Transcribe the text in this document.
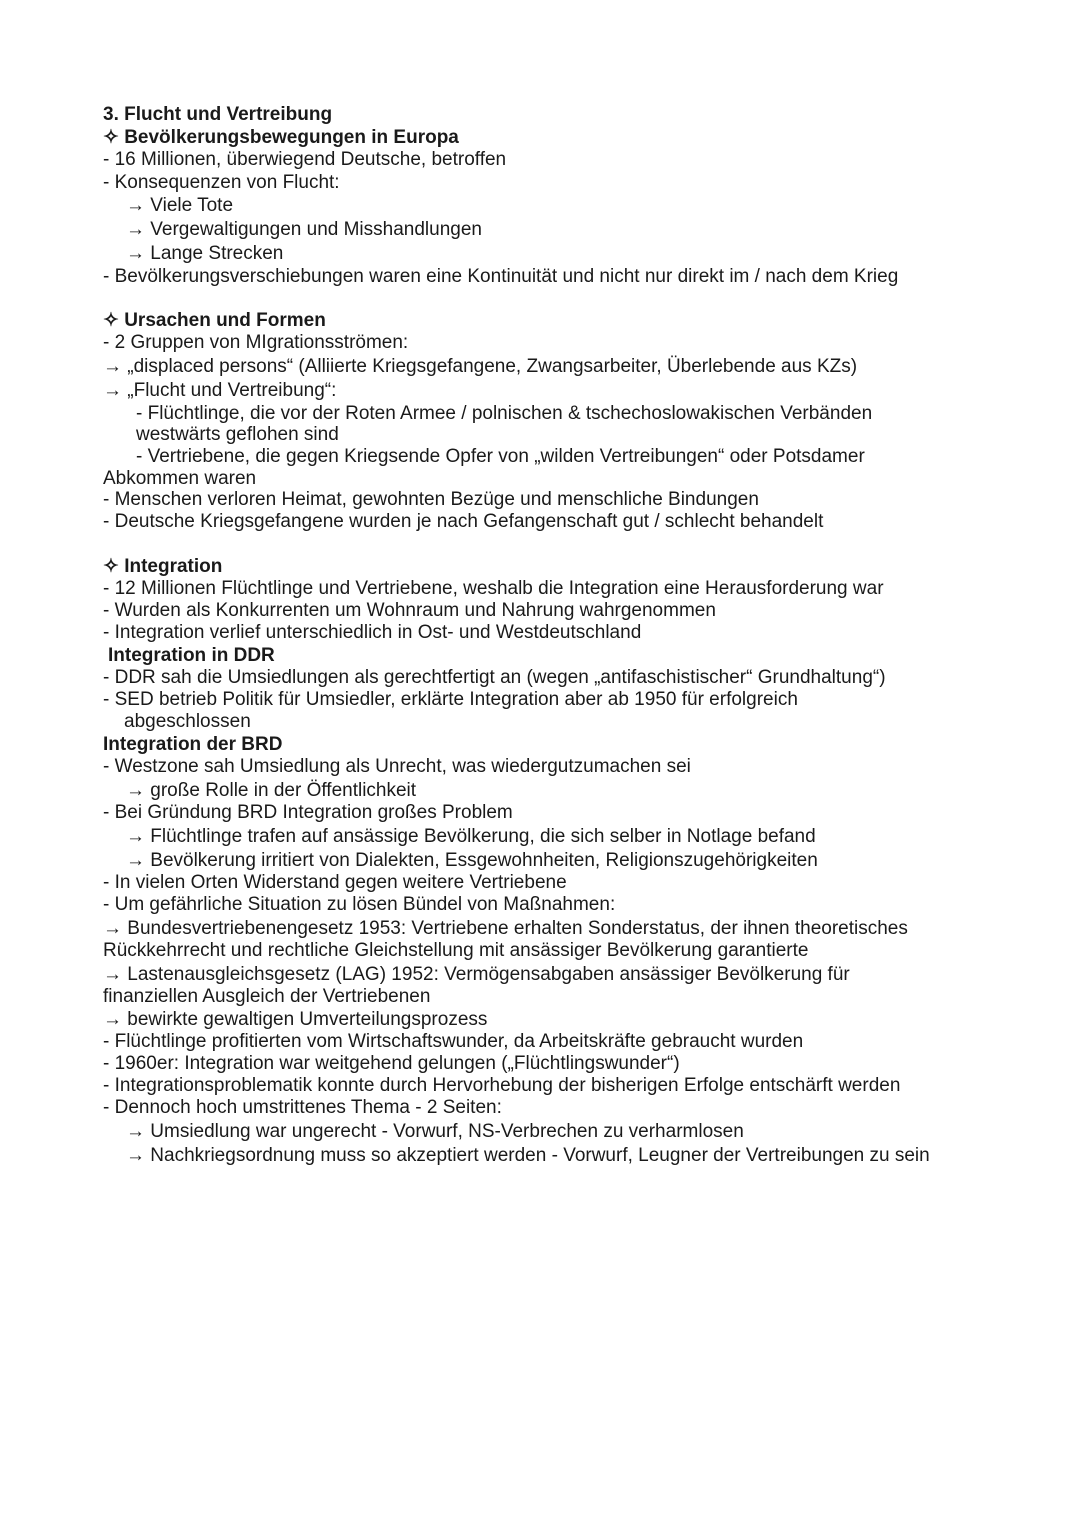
3. Flucht und Vertreibung
✧ Bevölkerungsbewegungen in Europa
- 16 Millionen, überwiegend Deutsche, betroffen
- Konsequenzen von Flucht:
→ Viele Tote
→ Vergewaltigungen und Misshandlungen
→ Lange Strecken
- Bevölkerungsverschiebungen waren eine Kontinuität und nicht nur direkt im / nach dem Krieg
✧ Ursachen und Formen
- 2 Gruppen von MIgrationsströmen:
→ „displaced persons“ (Alliierte Kriegsgefangene, Zwangsarbeiter, Überlebende aus KZs)
→ „Flucht und Vertreibung“:
- Flüchtlinge, die vor der Roten Armee / polnischen & tschechoslowakischen Verbänden
westwärts geflohen sind
- Vertriebene, die gegen Kriegsende Opfer von „wilden Vertreibungen“ oder Potsdamer
Abkommen waren
- Menschen verloren Heimat, gewohnten Bezüge und menschliche Bindungen
- Deutsche Kriegsgefangene wurden je nach Gefangenschaft gut / schlecht behandelt
✧ Integration
- 12 Millionen Flüchtlinge und Vertriebene, weshalb die Integration eine Herausforderung war
- Wurden als Konkurrenten um Wohnraum und Nahrung wahrgenommen
- Integration verlief unterschiedlich in Ost- und Westdeutschland
Integration in DDR
- DDR sah die Umsiedlungen als gerechtfertigt an (wegen „antifaschistischer“ Grundhaltung“)
- SED betrieb Politik für Umsiedler, erklärte Integration aber ab 1950 für erfolgreich
abgeschlossen
Integration der BRD
- Westzone sah Umsiedlung als Unrecht, was wiedergutzumachen sei
→ große Rolle in der Öffentlichkeit
- Bei Gründung BRD Integration großes Problem
→ Flüchtlinge trafen auf ansässige Bevölkerung, die sich selber in Notlage befand
→ Bevölkerung irritiert von Dialekten, Essgewohnheiten, Religionszugehörigkeiten
- In vielen Orten Widerstand gegen weitere Vertriebene
- Um gefährliche Situation zu lösen Bündel von Maßnahmen:
→ Bundesvertriebenengesetz 1953: Vertriebene erhalten Sonderstatus, der ihnen theoretisches
Rückkehrrecht und rechtliche Gleichstellung mit ansässiger Bevölkerung garantierte
→ Lastenausgleichsgesetz (LAG) 1952: Vermögensabgaben ansässiger Bevölkerung für
finanziellen Ausgleich der Vertriebenen
→ bewirkte gewaltigen Umverteilungsprozess
- Flüchtlinge profitierten vom Wirtschaftswunder, da Arbeitskräfte gebraucht wurden
- 1960er: Integration war weitgehend gelungen („Flüchtlingswunder“)
- Integrationsproblematik konnte durch Hervorhebung der bisherigen Erfolge entschärft werden
- Dennoch hoch umstrittenes Thema - 2 Seiten:
→ Umsiedlung war ungerecht - Vorwurf, NS-Verbrechen zu verharmlosen
→ Nachkriegsordnung muss so akzeptiert werden - Vorwurf, Leugner der Vertreibungen zu sein
